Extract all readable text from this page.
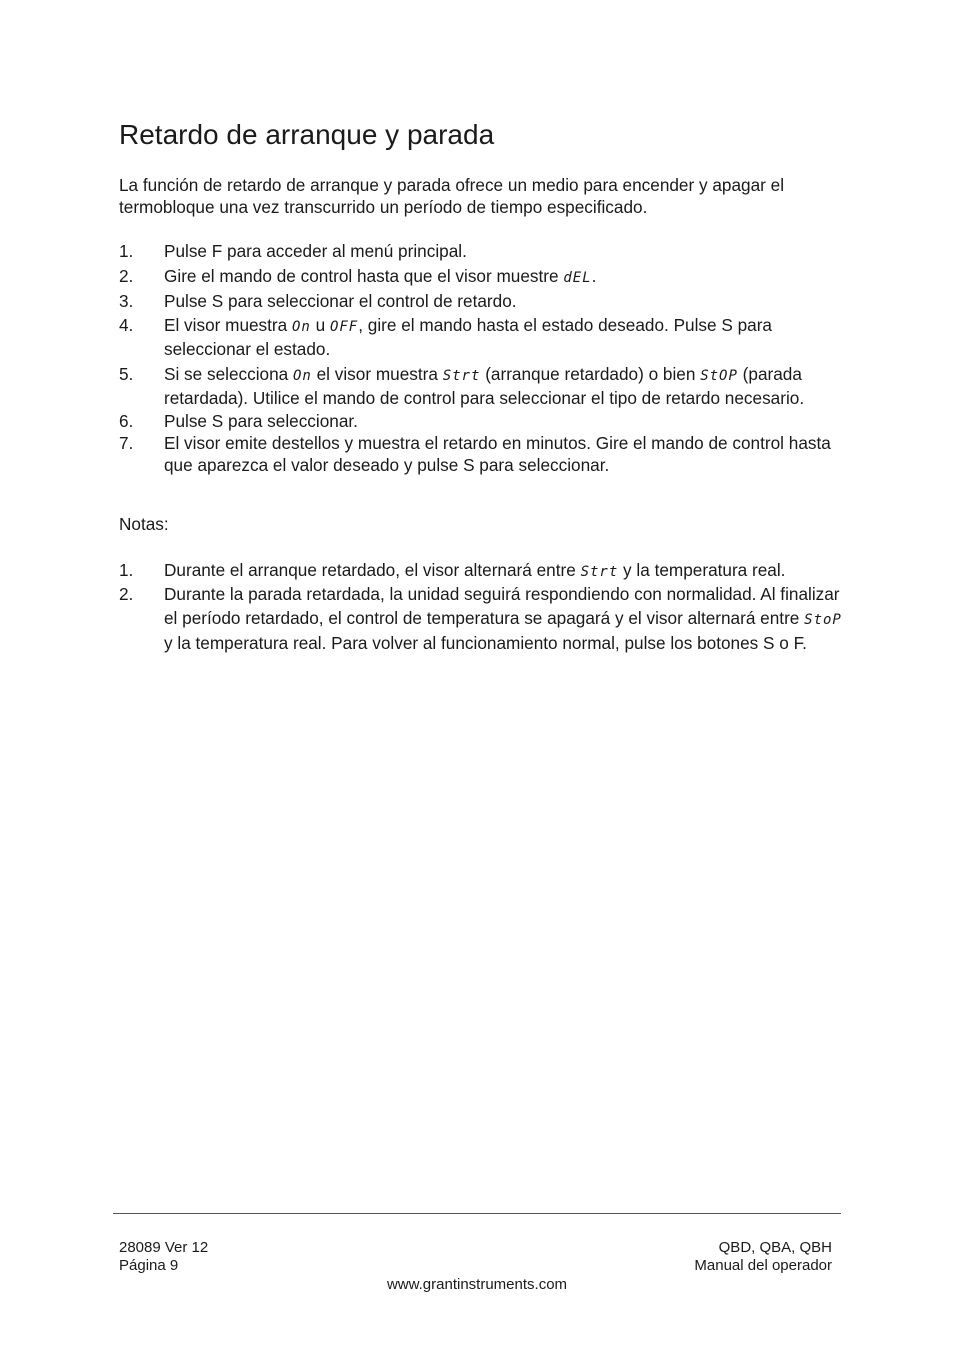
Retardo de arranque y parada

La función de retardo de arranque y parada ofrece un medio para encender y apagar el termobloque una vez transcurrido un período de tiempo especificado.

1.	Pulse F para acceder al menú principal.
2.	Gire el mando de control hasta que el visor muestre dEL.
3.	Pulse S para seleccionar el control de retardo.
4.	El visor muestra On u OFF, gire el mando hasta el estado deseado. Pulse S para seleccionar el estado.
5.	Si se selecciona On el visor muestra Strt (arranque retardado) o bien StOP (parada retardada). Utilice el mando de control para seleccionar el tipo de retardo necesario.
6.	Pulse S para seleccionar.
7.	El visor emite destellos y muestra el retardo en minutos. Gire el mando de control hasta que aparezca el valor deseado y pulse S para seleccionar.

Notas:

1.	Durante el arranque retardado, el visor alternará entre Strt y la temperatura real.
2.	Durante la parada retardada, la unidad seguirá respondiendo con normalidad. Al finalizar el período retardado, el control de temperatura se apagará y el visor alternará entre StoP y la temperatura real. Para volver al funcionamiento normal, pulse los botones S o F.
28089 Ver 12
Página 9
QBD, QBA, QBH
Manual del operador
www.grantinstruments.com
